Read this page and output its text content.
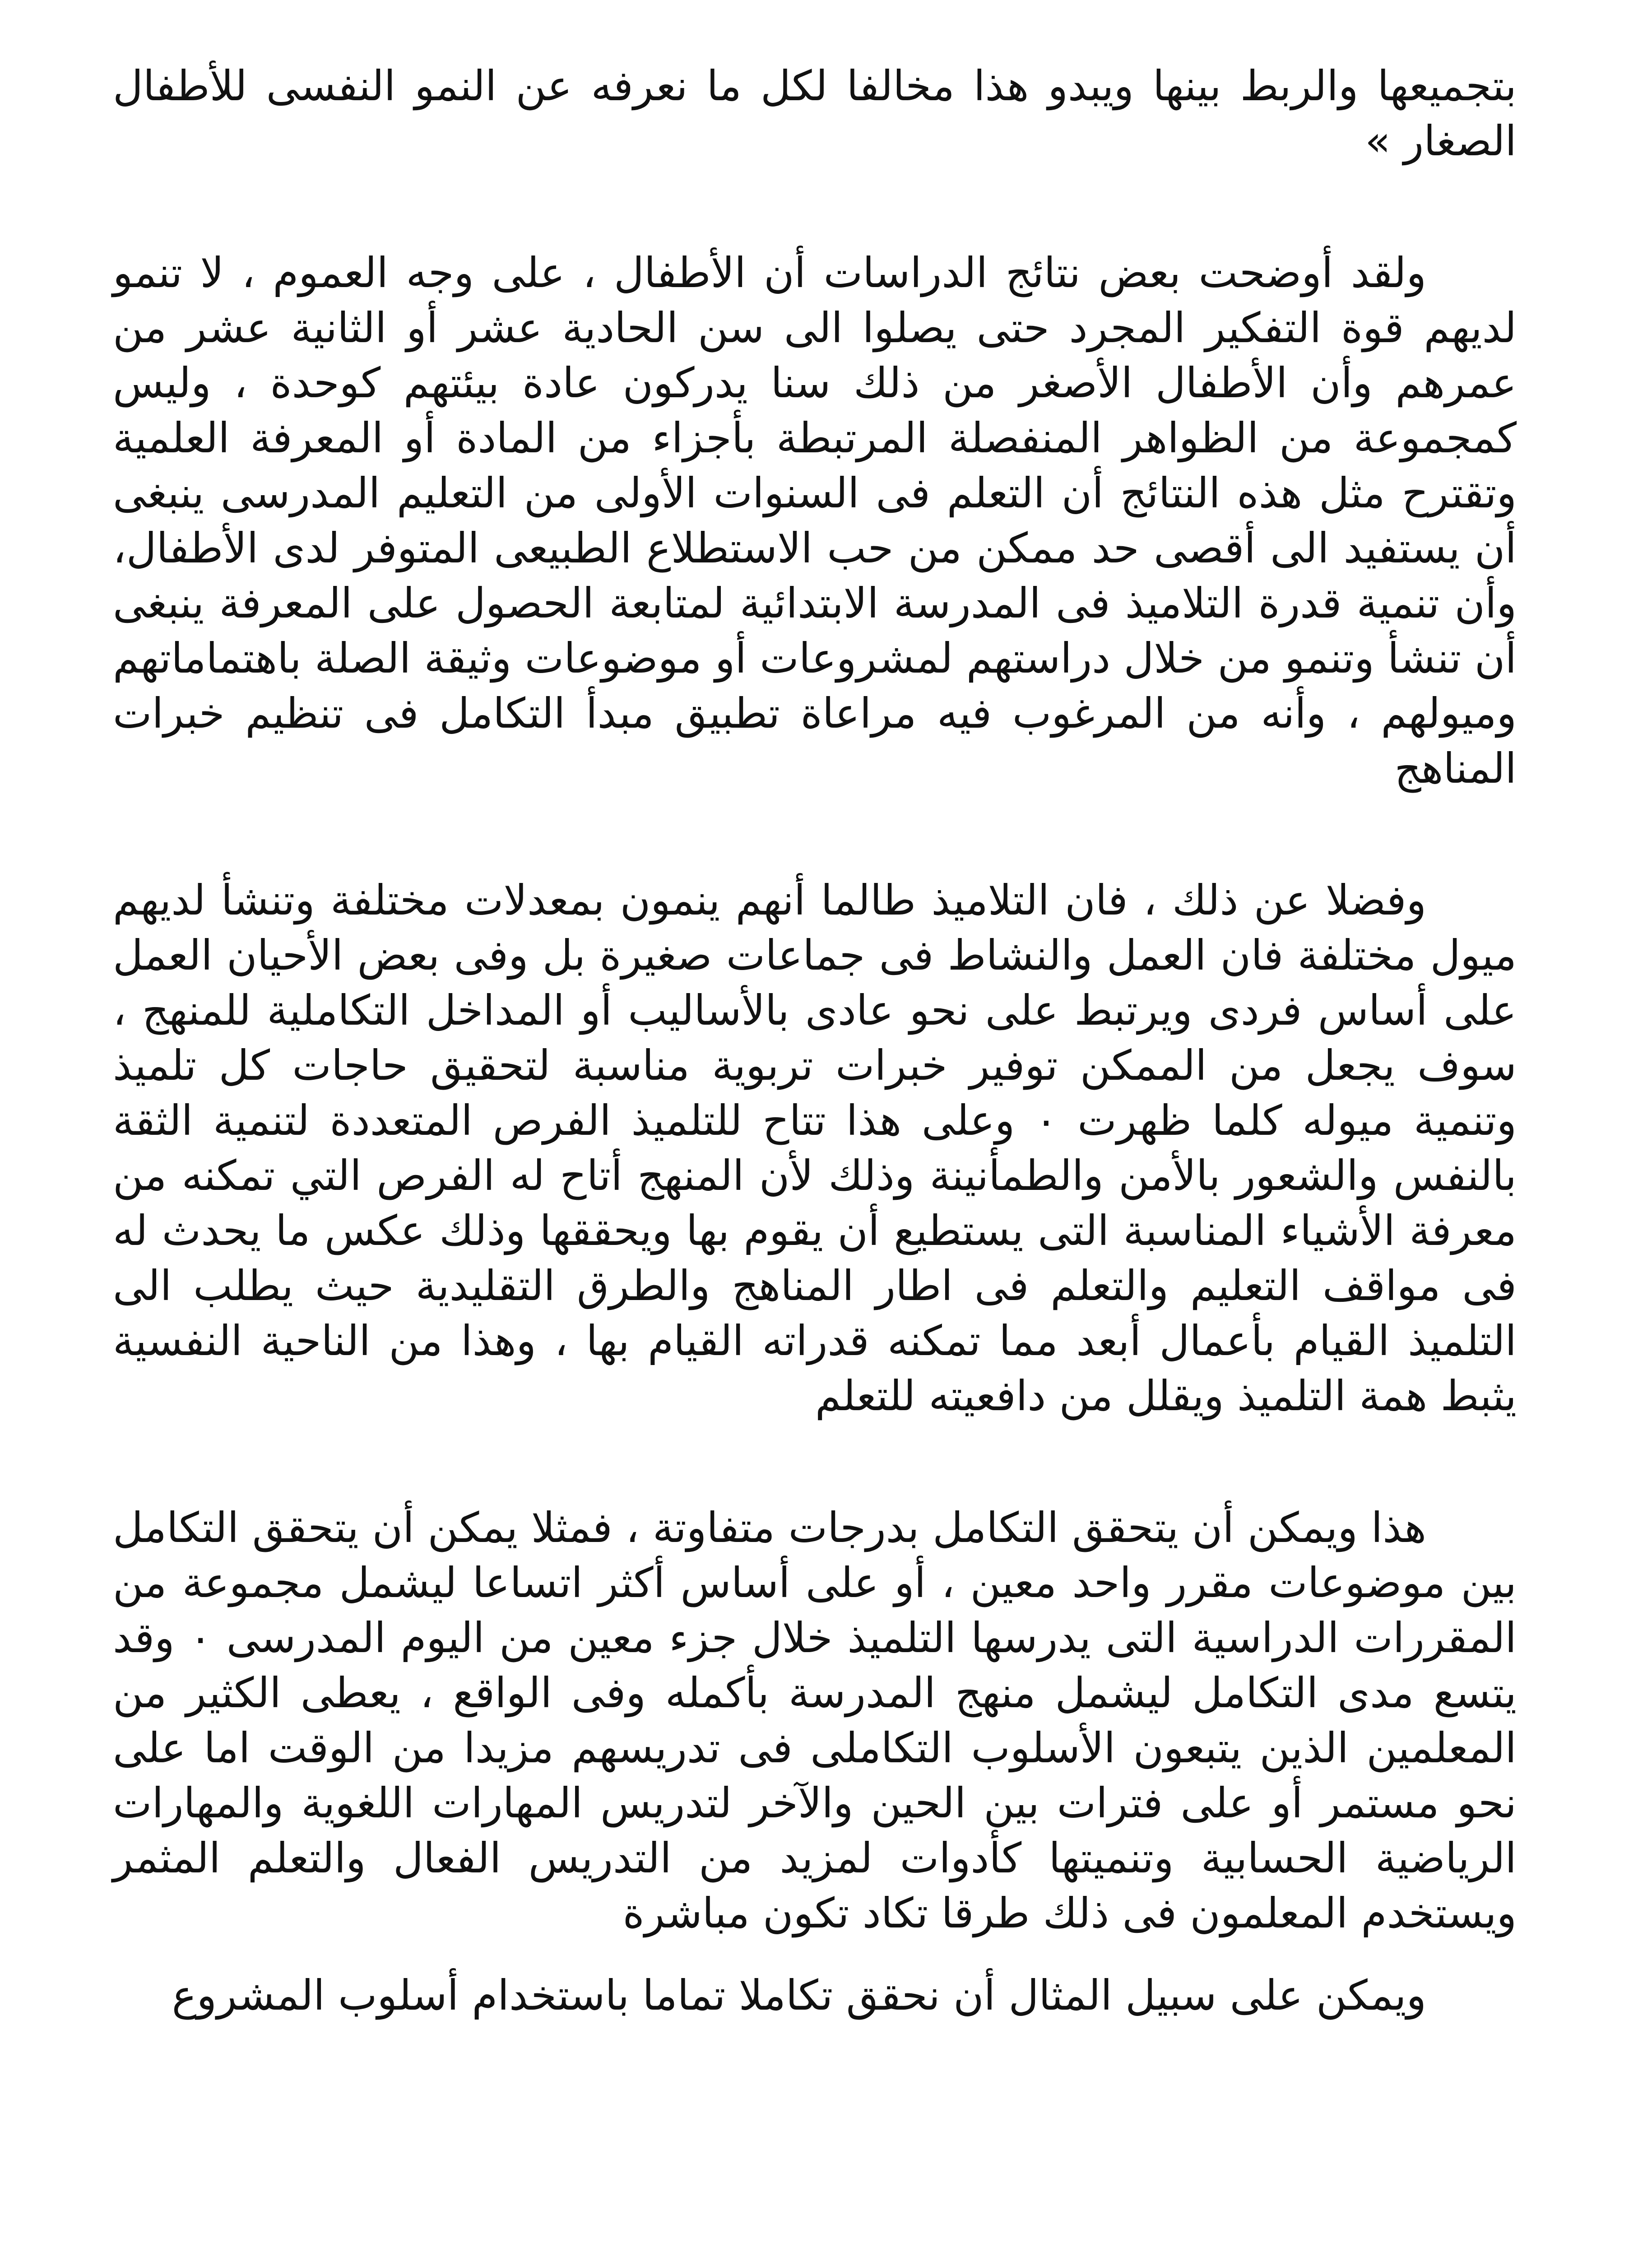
بتجميعها والربط بينها ويبدو هذا مخالفا لكل ما نعرفه عن النمو النفسى للأطفال الصغار »

ولقد أوضحت بعض نتائج الدراسات أن الأطفال ، على وجه العموم ، لا تنمو لديهم قوة التفكير المجرد حتى يصلوا الى سن الحادية عشر أو الثانية عشر من عمرهم وأن الأطفال الأصغر من ذلك سنا يدركون عادة بيئتهم كوحدة ، وليس كمجموعة من الظواهر المنفصلة المرتبطة بأجزاء من المادة أو المعرفة العلمية وتقترح مثل هذه النتائج أن التعلم فى السنوات الأولى من التعليم المدرسى ينبغى أن يستفيد الى أقصى حد ممكن من حب الاستطلاع الطبيعى المتوفر لدى الأطفال، وأن تنمية قدرة التلاميذ فى المدرسة الابتدائية لمتابعة الحصول على المعرفة ينبغى أن تنشأ وتنمو من خلال دراستهم لمشروعات أو موضوعات وثيقة الصلة باهتماماتهم وميولهم ، وأنه من المرغوب فيه مراعاة تطبيق مبدأ التكامل فى تنظيم خبرات المناهج

وفضلا عن ذلك ، فان التلاميذ طالما أنهم ينمون بمعدلات مختلفة وتنشأ لديهم ميول مختلفة فان العمل والنشاط فى جماعات صغيرة بل وفى بعض الأحيان العمل على أساس فردى ويرتبط على نحو عادى بالأساليب أو المداخل التكاملية للمنهج ، سوف يجعل من الممكن توفير خبرات تربوية مناسبة لتحقيق حاجات كل تلميذ وتنمية ميوله كلما ظهرت ٠ وعلى هذا تتاح للتلميذ الفرص المتعددة لتنمية الثقة بالنفس والشعور بالأمن والطمأنينة وذلك لأن المنهج أتاح له الفرص التي تمكنه من معرفة الأشياء المناسبة التى يستطيع أن يقوم بها ويحققها وذلك عكس ما يحدث له فى مواقف التعليم والتعلم فى اطار المناهج والطرق التقليدية حيث يطلب الى التلميذ القيام بأعمال أبعد مما تمكنه قدراته القيام بها ، وهذا من الناحية النفسية يثبط همة التلميذ ويقلل من دافعيته للتعلم

هذا ويمكن أن يتحقق التكامل بدرجات متفاوتة ، فمثلا يمكن أن يتحقق التكامل بين موضوعات مقرر واحد معين ، أو على أساس أكثر اتساعا ليشمل مجموعة من المقررات الدراسية التى يدرسها التلميذ خلال جزء معين من اليوم المدرسى ٠ وقد يتسع مدى التكامل ليشمل منهج المدرسة بأكمله وفى الواقع ، يعطى الكثير من المعلمين الذين يتبعون الأسلوب التكاملى فى تدريسهم مزيدا من الوقت اما على نحو مستمر أو على فترات بين الحين والآخر لتدريس المهارات اللغوية والمهارات الرياضية الحسابية وتنميتها كأدوات لمزيد من التدريس الفعال والتعلم المثمر ويستخدم المعلمون فى ذلك طرقا تكاد تكون مباشرة

ويمكن على سبيل المثال أن نحقق تكاملا تماما باستخدام أسلوب المشروع
